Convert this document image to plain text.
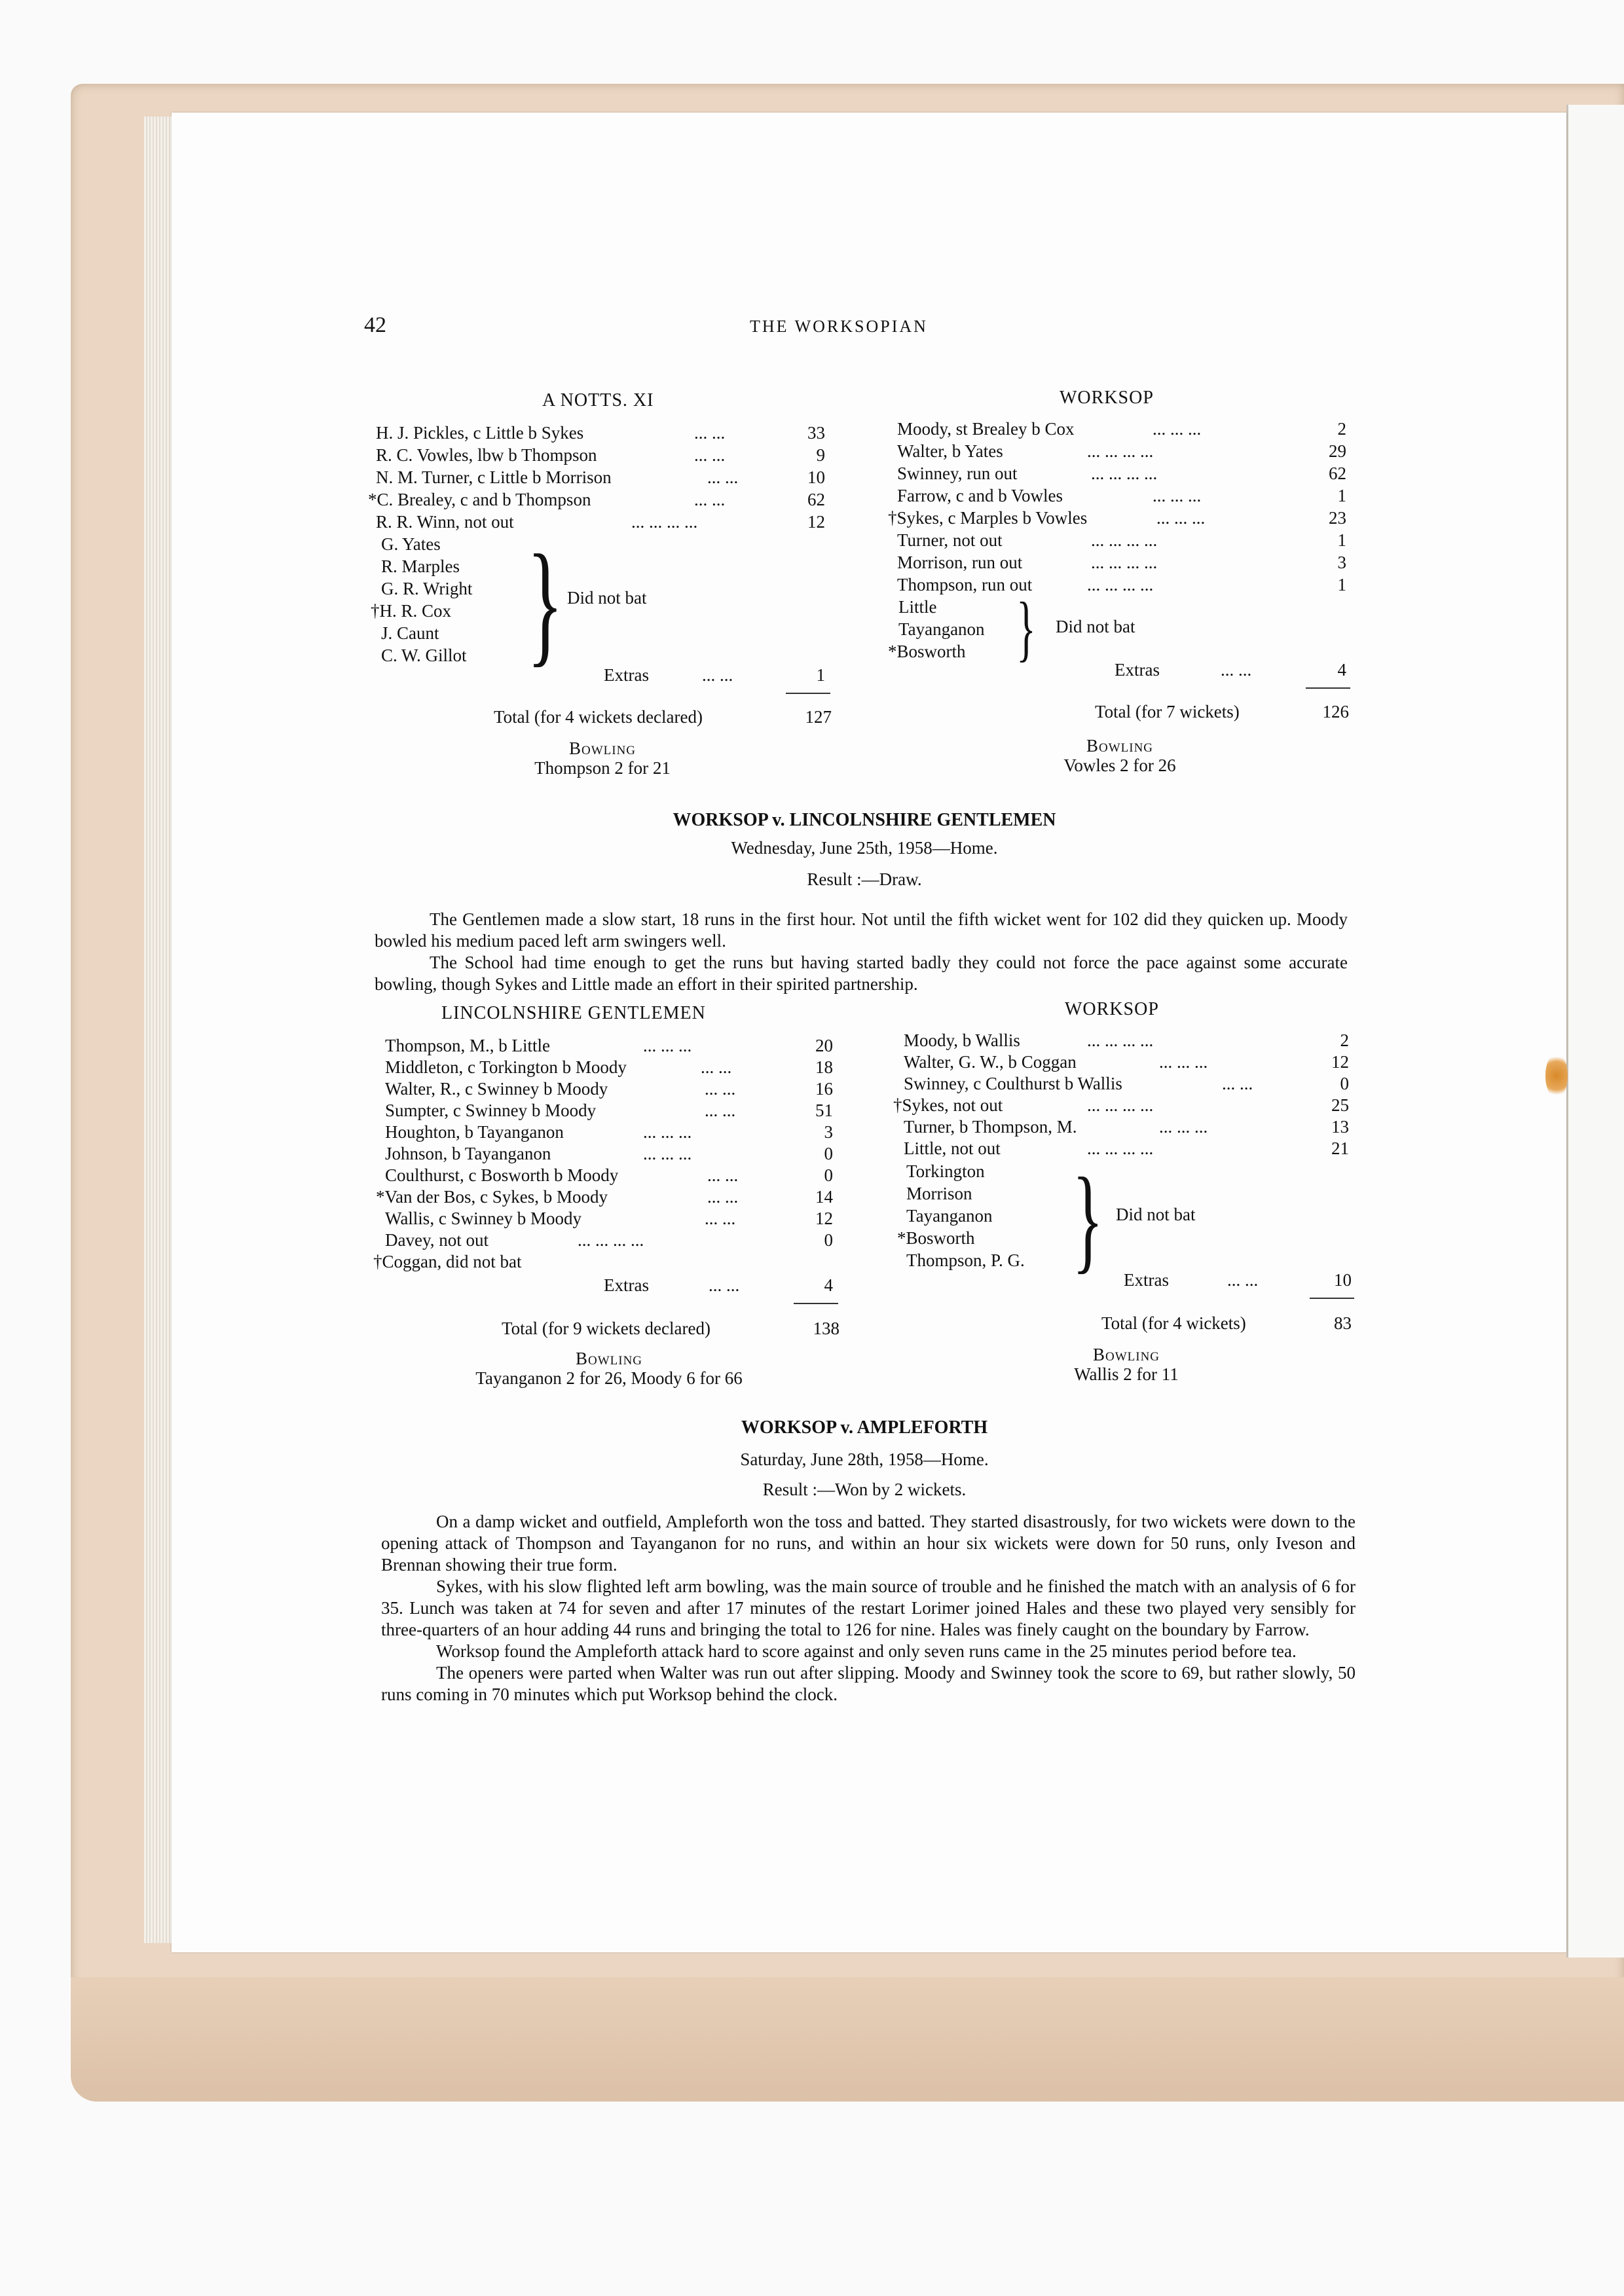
42	THE WORKSOPIAN
A NOTTS. XI
H. J. Pickles, c Little b Sykes	... ...	33
R. C. Vowles, lbw b Thompson	... ...	9
N. M. Turner, c Little b Morrison	... ...	10
*C. Brealey, c and b Thompson	... ...	62
R. R. Winn, not out	... ... ... ...	12
G. Yates
R. Marples
G. R. Wright
†H. R. Cox
J. Caunt
C. W. Gillot } Did not bat
Extras	... ...	1
Total (for 4 wickets declared)	127
Bowling
Thompson 2 for 21
WORKSOP
Moody, st Brealey b Cox	... ... ...	2
Walter, b Yates	... ... ... ...	29
Swinney, run out	... ... ... ...	62
Farrow, c and b Vowles	... ... ...	1
†Sykes, c Marples b Vowles	... ... ...	23
Turner, not out	... ... ... ...	1
Morrison, run out	... ... ... ...	3
Thompson, run out	... ... ... ...	1
Little
Tayanganon
*Bosworth } Did not bat
Extras	... ...	4
Total (for 7 wickets)	126
Bowling
Vowles 2 for 26
WORKSOP v. LINCOLNSHIRE GENTLEMEN
Wednesday, June 25th, 1958—Home.
Result :—Draw.

The Gentlemen made a slow start, 18 runs in the first hour. Not until the fifth wicket went for 102 did they quicken up. Moody bowled his medium paced left arm swingers well.

The School had time enough to get the runs but having started badly they could not force the pace against some accurate bowling, though Sykes and Little made an effort in their spirited partnership.

LINCOLNSHIRE GENTLEMEN	WORKSOP
Thompson, M., b Little	... ... ...	20
Middleton, c Torkington b Moody	... ...	18
Walter, R., c Swinney b Moody	... ...	16
Sumpter, c Swinney b Moody	... ...	51
Houghton, b Tayanganon	... ... ...	3
Johnson, b Tayanganon	... ... ...	0
Coulthurst, c Bosworth b Moody	... ...	0
*Van der Bos, c Sykes, b Moody	... ...	14
Wallis, c Swinney b Moody	... ...	12
Davey, not out	... ... ... ...	0
†Coggan, did not bat
Extras	... ...	4
Total (for 9 wickets declared)	138
Bowling
Tayanganon 2 for 26, Moody 6 for 66
Moody, b Wallis	... ... ... ...	2
Walter, G. W., b Coggan	... ... ...	12
Swinney, c Coulthurst b Wallis	... ...	0
†Sykes, not out	... ... ... ...	25
Turner, b Thompson, M.	... ... ...	13
Little, not out	... ... ... ...	21
Torkington
Morrison
Tayanganon
*Bosworth
Thompson, P. G. } Did not bat
Extras	... ...	10
Total (for 4 wickets)	83
Bowling
Wallis 2 for 11
WORKSOP v. AMPLEFORTH
Saturday, June 28th, 1958—Home.
Result :—Won by 2 wickets.

On a damp wicket and outfield, Ampleforth won the toss and batted. They started disastrously, for two wickets were down to the opening attack of Thompson and Tayanganon for no runs, and within an hour six wickets were down for 50 runs, only Iveson and Brennan showing their true form.

Sykes, with his slow flighted left arm bowling, was the main source of trouble and he finished the match with an analysis of 6 for 35. Lunch was taken at 74 for seven and after 17 minutes of the restart Lorimer joined Hales and these two played very sensibly for three-quarters of an hour adding 44 runs and bringing the total to 126 for nine. Hales was finely caught on the boundary by Farrow.

Worksop found the Ampleforth attack hard to score against and only seven runs came in the 25 minutes period before tea.

The openers were parted when Walter was run out after slipping. Moody and Swinney took the score to 69, but rather slowly, 50 runs coming in 70 minutes which put Worksop behind the clock.
